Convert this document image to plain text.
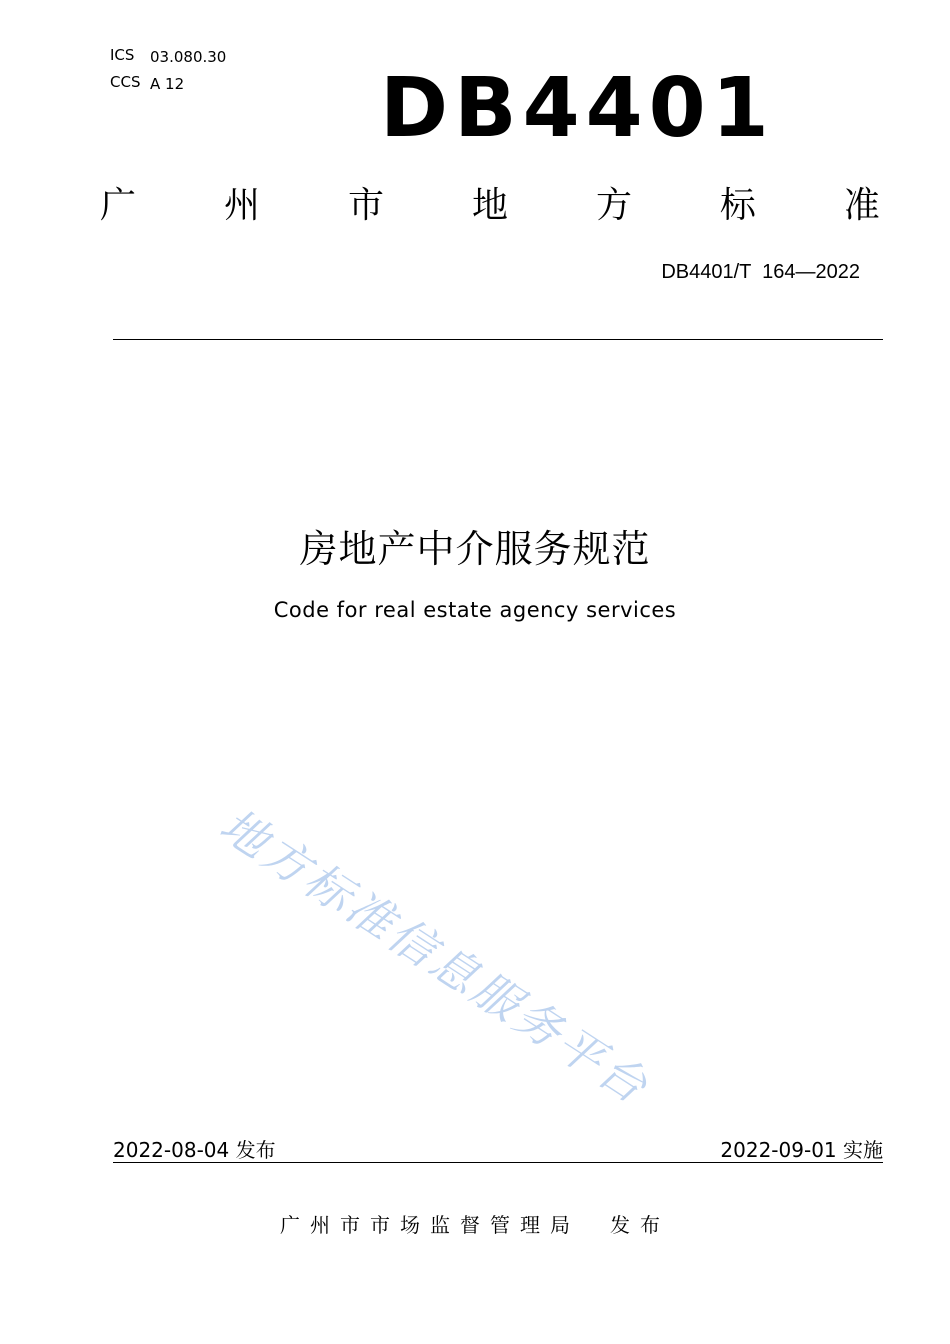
ICS 03.080.30
CCS A 12 DB4401
广 州 市 地 方 标 准
DB4401/T  164—2022
房地产中介服务规范
Code for real estate agency services
地方标准信息服务平台
2022-08-04 发布	2022-09-01 实施
广州市市场监督管理局　发布
